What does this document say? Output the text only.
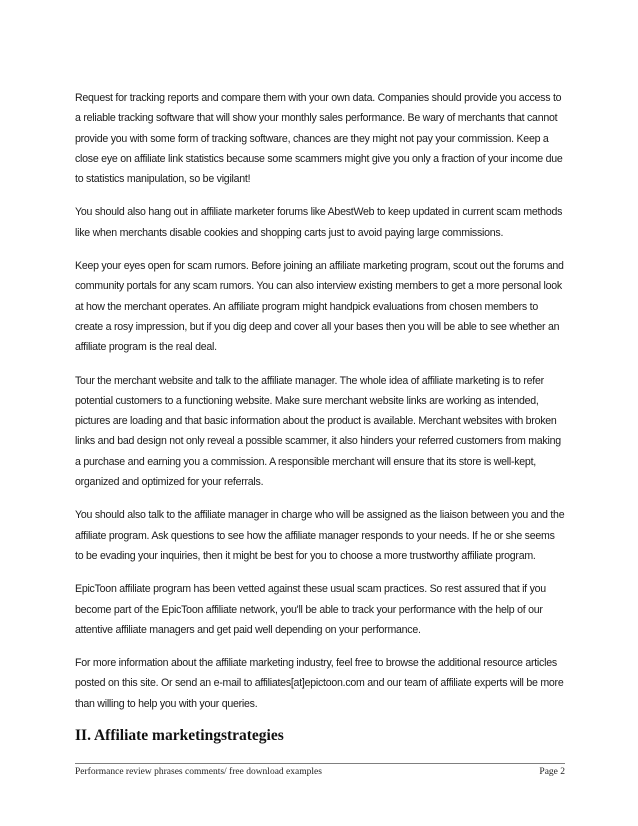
Request for tracking reports and compare them with your own data. Companies should provide you access to a reliable tracking software that will show your monthly sales performance. Be wary of merchants that cannot provide you with some form of tracking software, chances are they might not pay your commission. Keep a close eye on affiliate link statistics because some scammers might give you only a fraction of your income due to statistics manipulation, so be vigilant!

You should also hang out in affiliate marketer forums like AbestWeb to keep updated in current scam methods like when merchants disable cookies and shopping carts just to avoid paying large commissions.

Keep your eyes open for scam rumors. Before joining an affiliate marketing program, scout out the forums and community portals for any scam rumors. You can also interview existing members to get a more personal look at how the merchant operates. An affiliate program might handpick evaluations from chosen members to create a rosy impression, but if you dig deep and cover all your bases then you will be able to see whether an affiliate program is the real deal.

Tour the merchant website and talk to the affiliate manager. The whole idea of affiliate marketing is to refer potential customers to a functioning website. Make sure merchant website links are working as intended, pictures are loading and that basic information about the product is available. Merchant websites with broken links and bad design not only reveal a possible scammer, it also hinders your referred customers from making a purchase and earning you a commission. A responsible merchant will ensure that its store is well-kept, organized and optimized for your referrals.

You should also talk to the affiliate manager in charge who will be assigned as the liaison between you and the affiliate program. Ask questions to see how the affiliate manager responds to your needs. If he or she seems to be evading your inquiries, then it might be best for you to choose a more trustworthy affiliate program.

EpicToon affiliate program has been vetted against these usual scam practices. So rest assured that if you become part of the EpicToon affiliate network, you'll be able to track your performance with the help of our attentive affiliate managers and get paid well depending on your performance.

For more information about the affiliate marketing industry, feel free to browse the additional resource articles posted on this site. Or send an e-mail to affiliates[at]epictoon.com and our team of affiliate experts will be more than willing to help you with your queries.

II. Affiliate marketingstrategies
Performance review phrases comments/ free download examples	Page 2
